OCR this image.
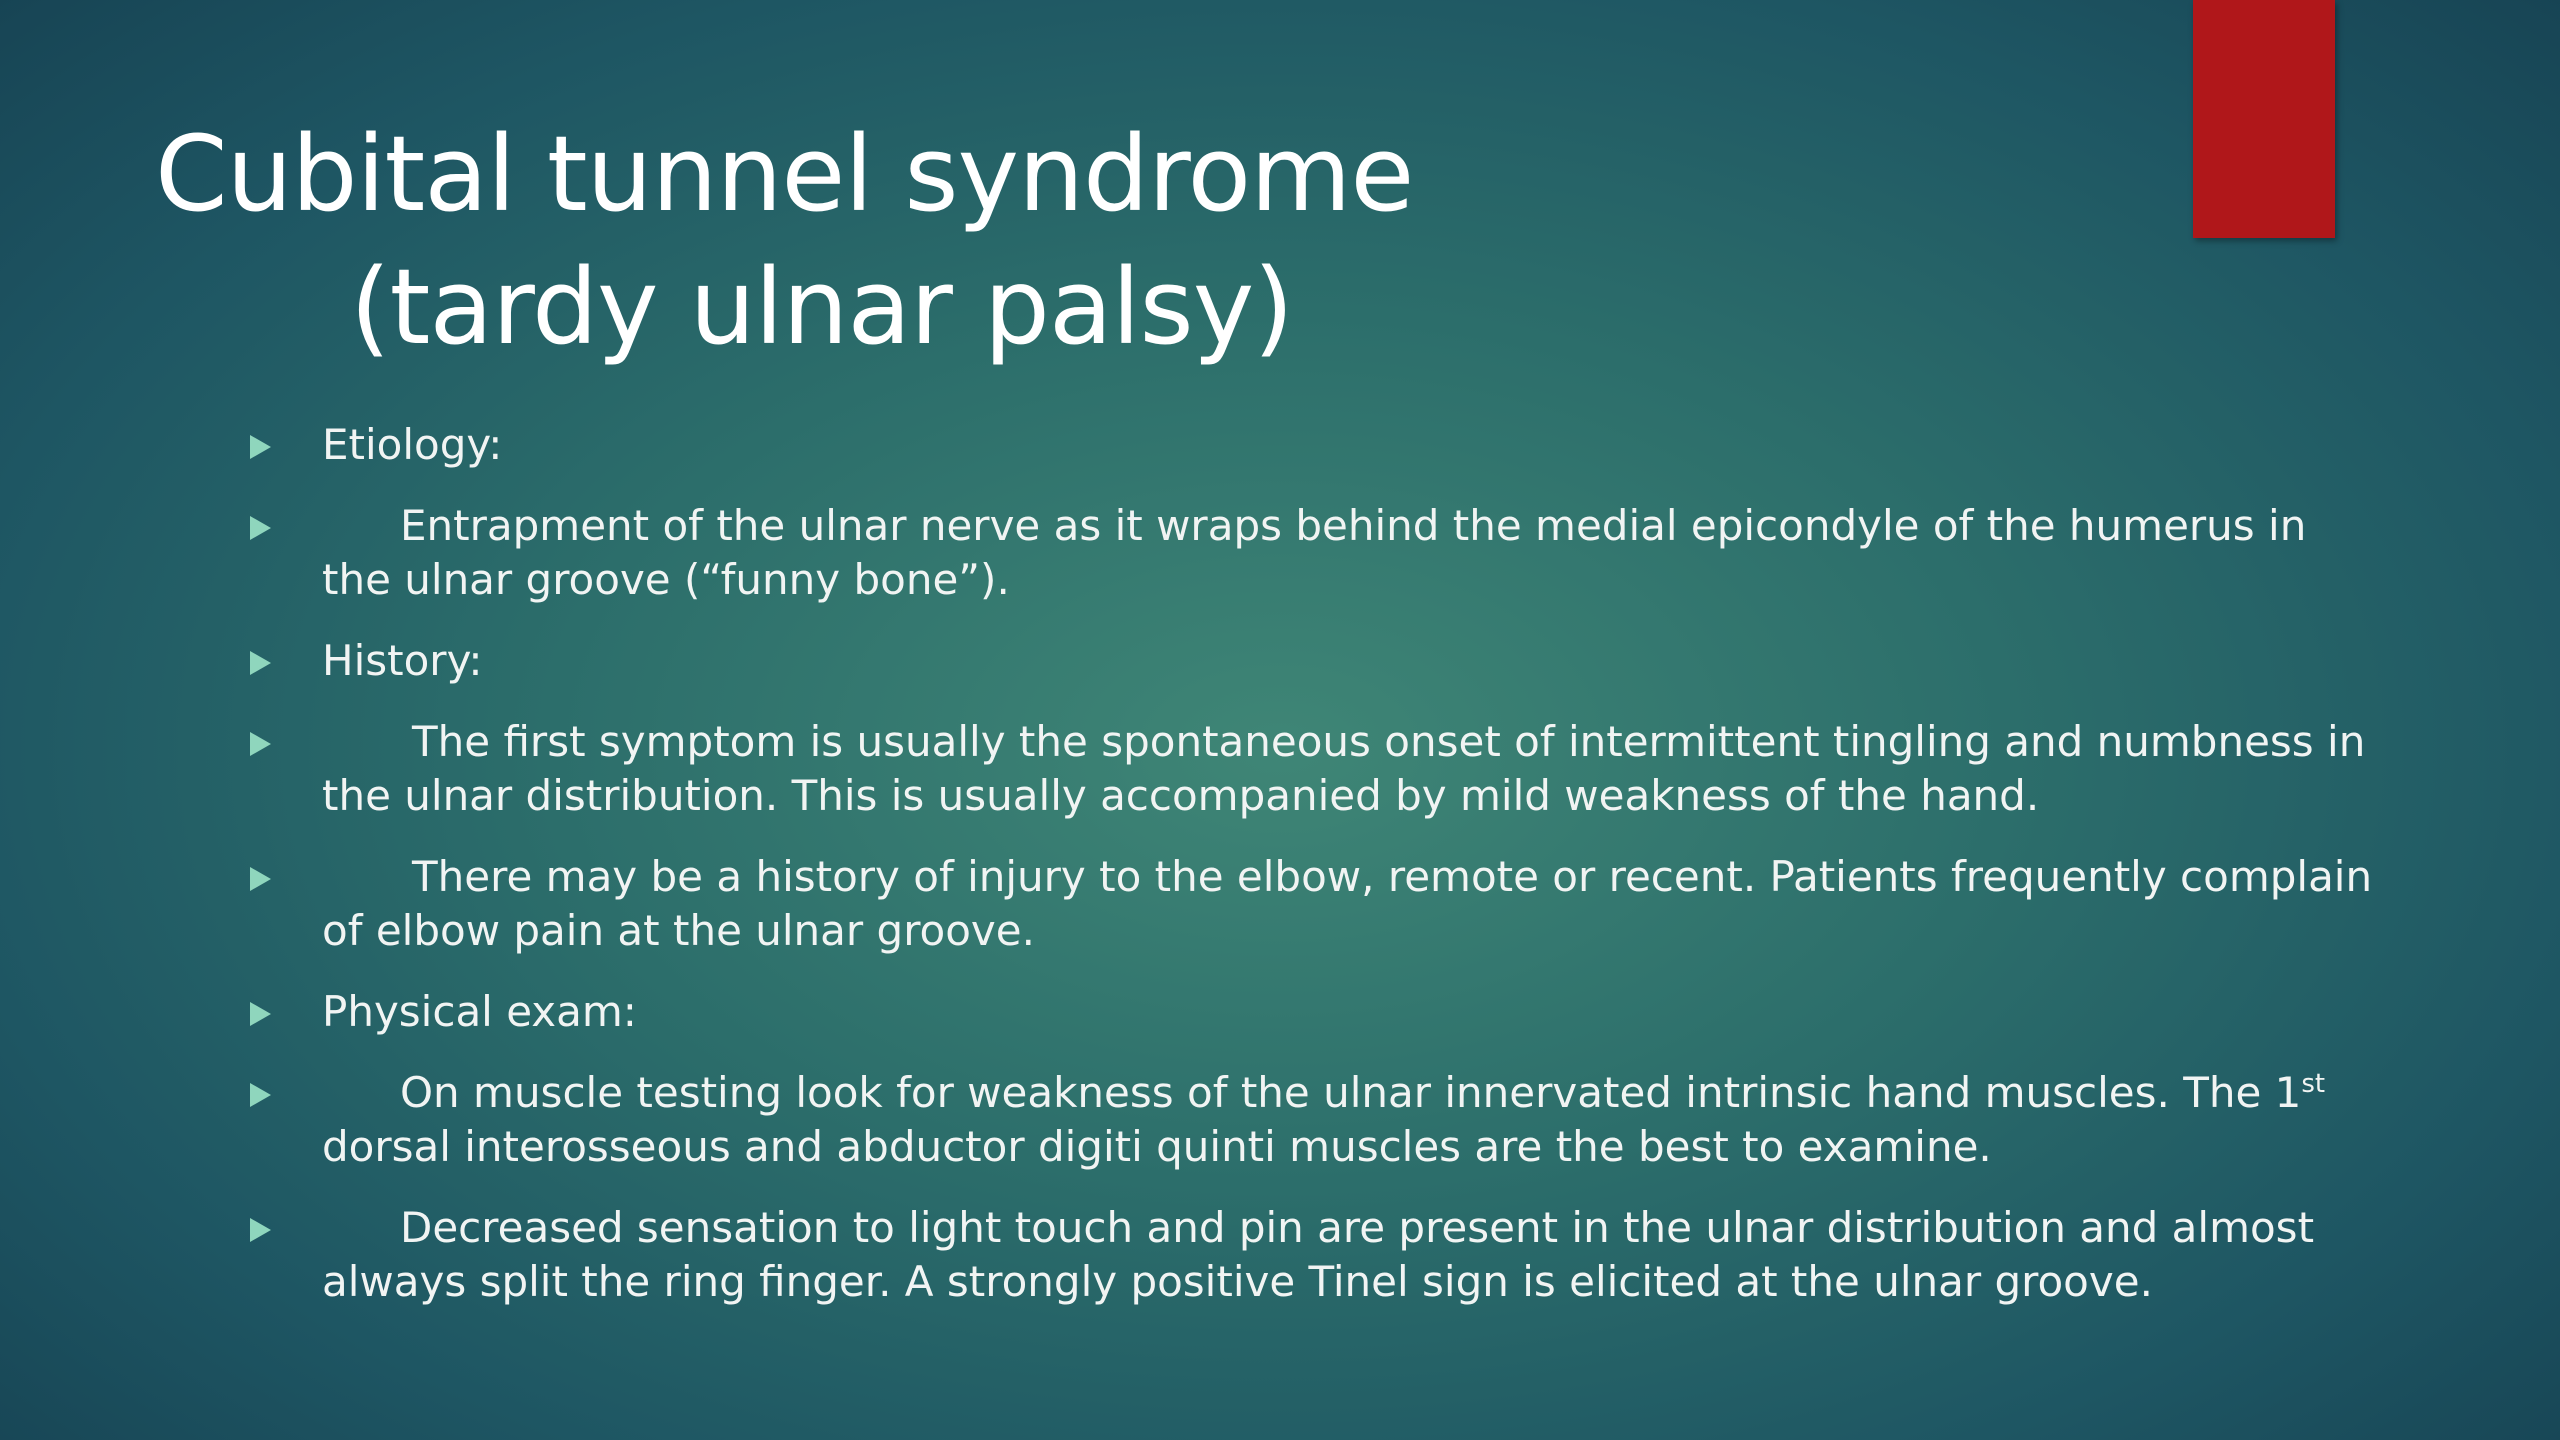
Cubital tunnel syndrome
(tardy ulnar palsy)
Etiology:
Entrapment of the ulnar nerve as it wraps behind the medial epicondyle of the humerus in the ulnar groove (“funny bone”).
History:
The first symptom is usually the spontaneous onset of intermittent tingling and numbness in the ulnar distribution. This is usually accompanied by mild weakness of the hand.
There may be a history of injury to the elbow, remote or recent. Patients frequently complain of elbow pain at the ulnar groove.
Physical exam:
On muscle testing look for weakness of the ulnar innervated intrinsic hand muscles. The 1st dorsal interosseous and abductor digiti quinti muscles are the best to examine.
Decreased sensation to light touch and pin are present in the ulnar distribution and almost always split the ring finger. A strongly positive Tinel sign is elicited at the ulnar groove.
